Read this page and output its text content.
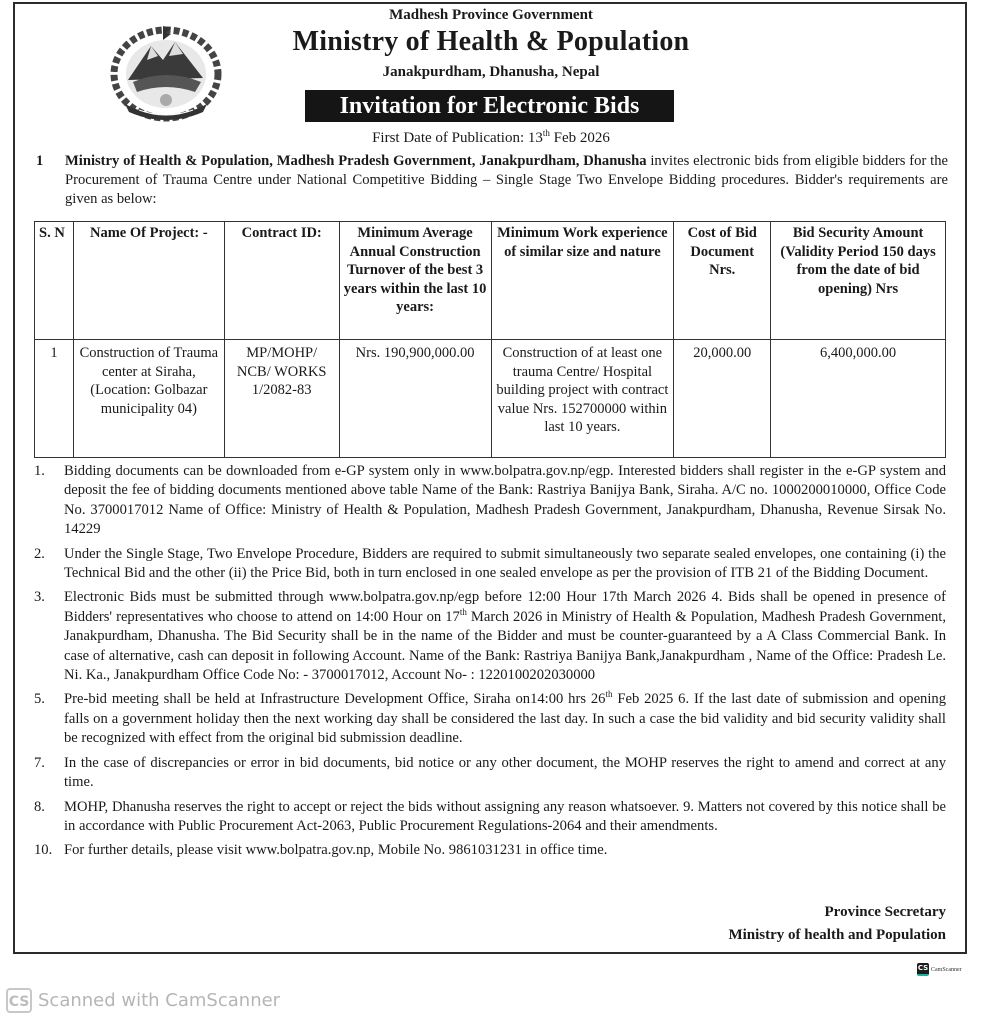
Madhesh Province Government
Ministry of Health & Population
Janakpurdham, Dhanusha, Nepal
Invitation for Electronic Bids
First Date of Publication: 13th Feb 2026
1 Ministry of Health & Population, Madhesh Pradesh Government, Janakpurdham, Dhanusha invites electronic bids from eligible bidders for the Procurement of Trauma Centre under National Competitive Bidding – Single Stage Two Envelope Bidding procedures. Bidder's requirements are given as below:
S. N	Name Of Project: -	Contract ID:	Minimum Average Annual Construction Turnover of the best 3 years within the last 10 years:	Minimum Work experience of similar size and nature	Cost of Bid Document Nrs.	Bid Security Amount (Validity Period 150 days from the date of bid opening) Nrs
1	Construction of Trauma center at Siraha, (Location: Golbazar municipality 04)	MP/MOHP/ NCB/ WORKS 1/2082-83	Nrs. 190,900,000.00	Construction of at least one trauma Centre/ Hospital building project with contract value Nrs. 152700000 within last 10 years.	20,000.00	6,400,000.00
1. Bidding documents can be downloaded from e-GP system only in www.bolpatra.gov.np/egp. Interested bidders shall register in the e-GP system and deposit the fee of bidding documents mentioned above table Name of the Bank: Rastriya Banijya Bank, Siraha. A/C no. 1000200010000, Office Code No. 3700017012 Name of Office: Ministry of Health & Population, Madhesh Pradesh Government, Janakpurdham, Dhanusha, Revenue Sirsak No. 14229
2. Under the Single Stage, Two Envelope Procedure, Bidders are required to submit simultaneously two separate sealed envelopes, one containing (i) the Technical Bid and the other (ii) the Price Bid, both in turn enclosed in one sealed envelope as per the provision of ITB 21 of the Bidding Document.
3. Electronic Bids must be submitted through www.bolpatra.gov.np/egp before 12:00 Hour 17th March 2026 4. Bids shall be opened in presence of Bidders' representatives who choose to attend on 14:00 Hour on 17th March 2026 in Ministry of Health & Population, Madhesh Pradesh Government, Janakpurdham, Dhanusha. The Bid Security shall be in the name of the Bidder and must be counter-guaranteed by a A Class Commercial Bank. In case of alternative, cash can deposit in following Account. Name of the Bank: Rastriya Banijya Bank,Janakpurdham , Name of the Office: Pradesh Le. Ni. Ka., Janakpurdham Office Code No: - 3700017012, Account No- : 1220100202030000
5. Pre-bid meeting shall be held at Infrastructure Development Office, Siraha on14:00 hrs 26th Feb 2025 6. If the last date of submission and opening falls on a government holiday then the next working day shall be considered the last day. In such a case the bid validity and bid security validity shall be recognized with effect from the original bid submission deadline.
7. In the case of discrepancies or error in bid documents, bid notice or any other document, the MOHP reserves the right to amend and correct at any time.
8. MOHP, Dhanusha reserves the right to accept or reject the bids without assigning any reason whatsoever. 9. Matters not covered by this notice shall be in accordance with Public Procurement Act-2063, Public Procurement Regulations-2064 and their amendments.
10. For further details, please visit www.bolpatra.gov.np, Mobile No. 9861031231 in office time.
Province Secretary
Ministry of health and Population
CS CamScanner
CS Scanned with CamScanner
